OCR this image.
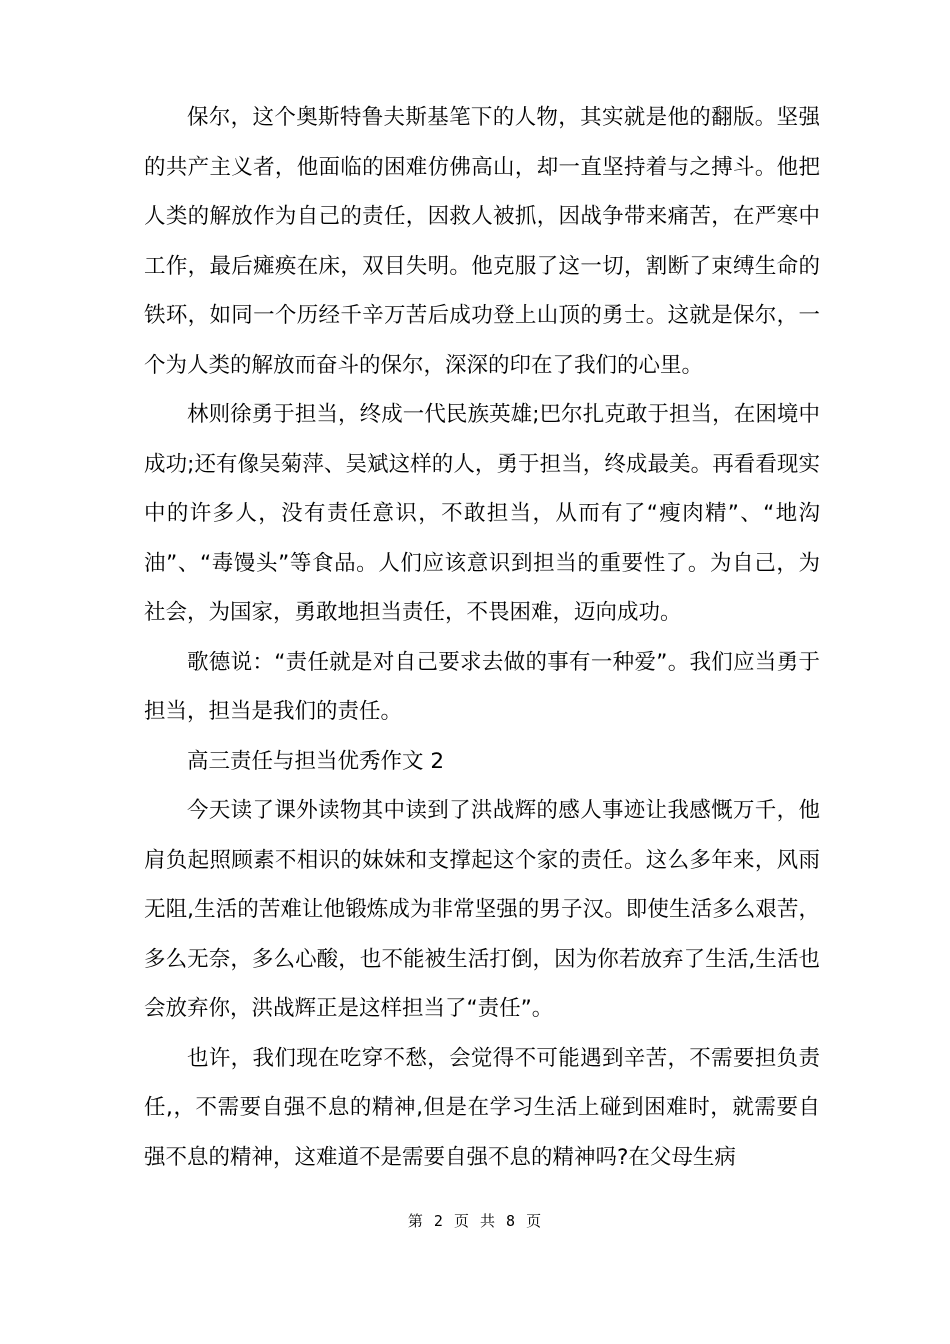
保尔，这个奥斯特鲁夫斯基笔下的人物，其实就是他的翻版。坚强的共产主义者，他面临的困难仿佛高山，却一直坚持着与之搏斗。他把人类的解放作为自己的责任，因救人被抓，因战争带来痛苦，在严寒中工作，最后瘫痪在床，双目失明。他克服了这一切，割断了束缚生命的铁环，如同一个历经千辛万苦后成功登上山顶的勇士。这就是保尔，一个为人类的解放而奋斗的保尔，深深的印在了我们的心里。

林则徐勇于担当，终成一代民族英雄;巴尔扎克敢于担当，在困境中成功;还有像吴菊萍、吴斌这样的人，勇于担当，终成最美。再看看现实中的许多人，没有责任意识，不敢担当，从而有了“瘦肉精”、“地沟油”、“毒馒头”等食品。人们应该意识到担当的重要性了。为自己，为社会，为国家，勇敢地担当责任，不畏困难，迈向成功。

歌德说：“责任就是对自己要求去做的事有一种爱”。我们应当勇于担当，担当是我们的责任。

高三责任与担当优秀作文 2

今天读了课外读物其中读到了洪战辉的感人事迹让我感慨万千，他肩负起照顾素不相识的妹妹和支撑起这个家的责任。这么多年来，风雨无阻,生活的苦难让他锻炼成为非常坚强的男子汉。即使生活多么艰苦，多么无奈，多么心酸，也不能被生活打倒，因为你若放弃了生活,生活也会放弃你，洪战辉正是这样担当了“责任”。

也许，我们现在吃穿不愁，会觉得不可能遇到辛苦，不需要担负责任,，不需要自强不息的精神,但是在学习生活上碰到困难时，就需要自强不息的精神，这难道不是需要自强不息的精神吗?在父母生病

第 2 页 共 8 页
